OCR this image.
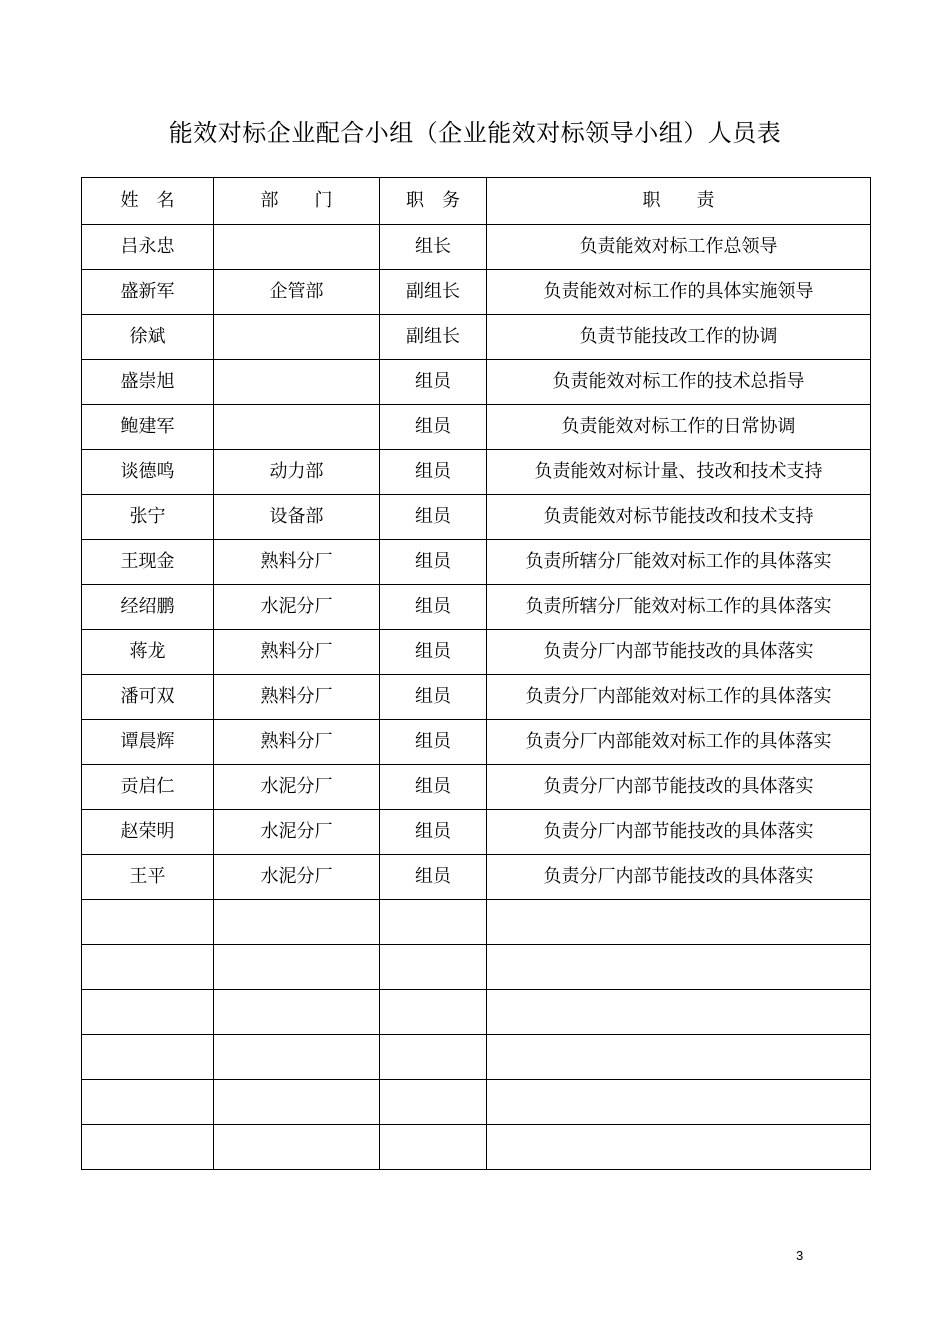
能效对标企业配合小组（企业能效对标领导小组）人员表
姓　名	部　　门	职　务	职　　责
吕永忠		组长	负责能效对标工作总领导
盛新军	企管部	副组长	负责能效对标工作的具体实施领导
徐斌		副组长	负责节能技改工作的协调
盛崇旭		组员	负责能效对标工作的技术总指导
鲍建军		组员	负责能效对标工作的日常协调
谈德鸣	动力部	组员	负责能效对标计量、技改和技术支持
张宁	设备部	组员	负责能效对标节能技改和技术支持
王现金	熟料分厂	组员	负责所辖分厂能效对标工作的具体落实
经绍鹏	水泥分厂	组员	负责所辖分厂能效对标工作的具体落实
蒋龙	熟料分厂	组员	负责分厂内部节能技改的具体落实
潘可双	熟料分厂	组员	负责分厂内部能效对标工作的具体落实
谭晨辉	熟料分厂	组员	负责分厂内部能效对标工作的具体落实
贡启仁	水泥分厂	组员	负责分厂内部节能技改的具体落实
赵荣明	水泥分厂	组员	负责分厂内部节能技改的具体落实
王平	水泥分厂	组员	负责分厂内部节能技改的具体落实

3
